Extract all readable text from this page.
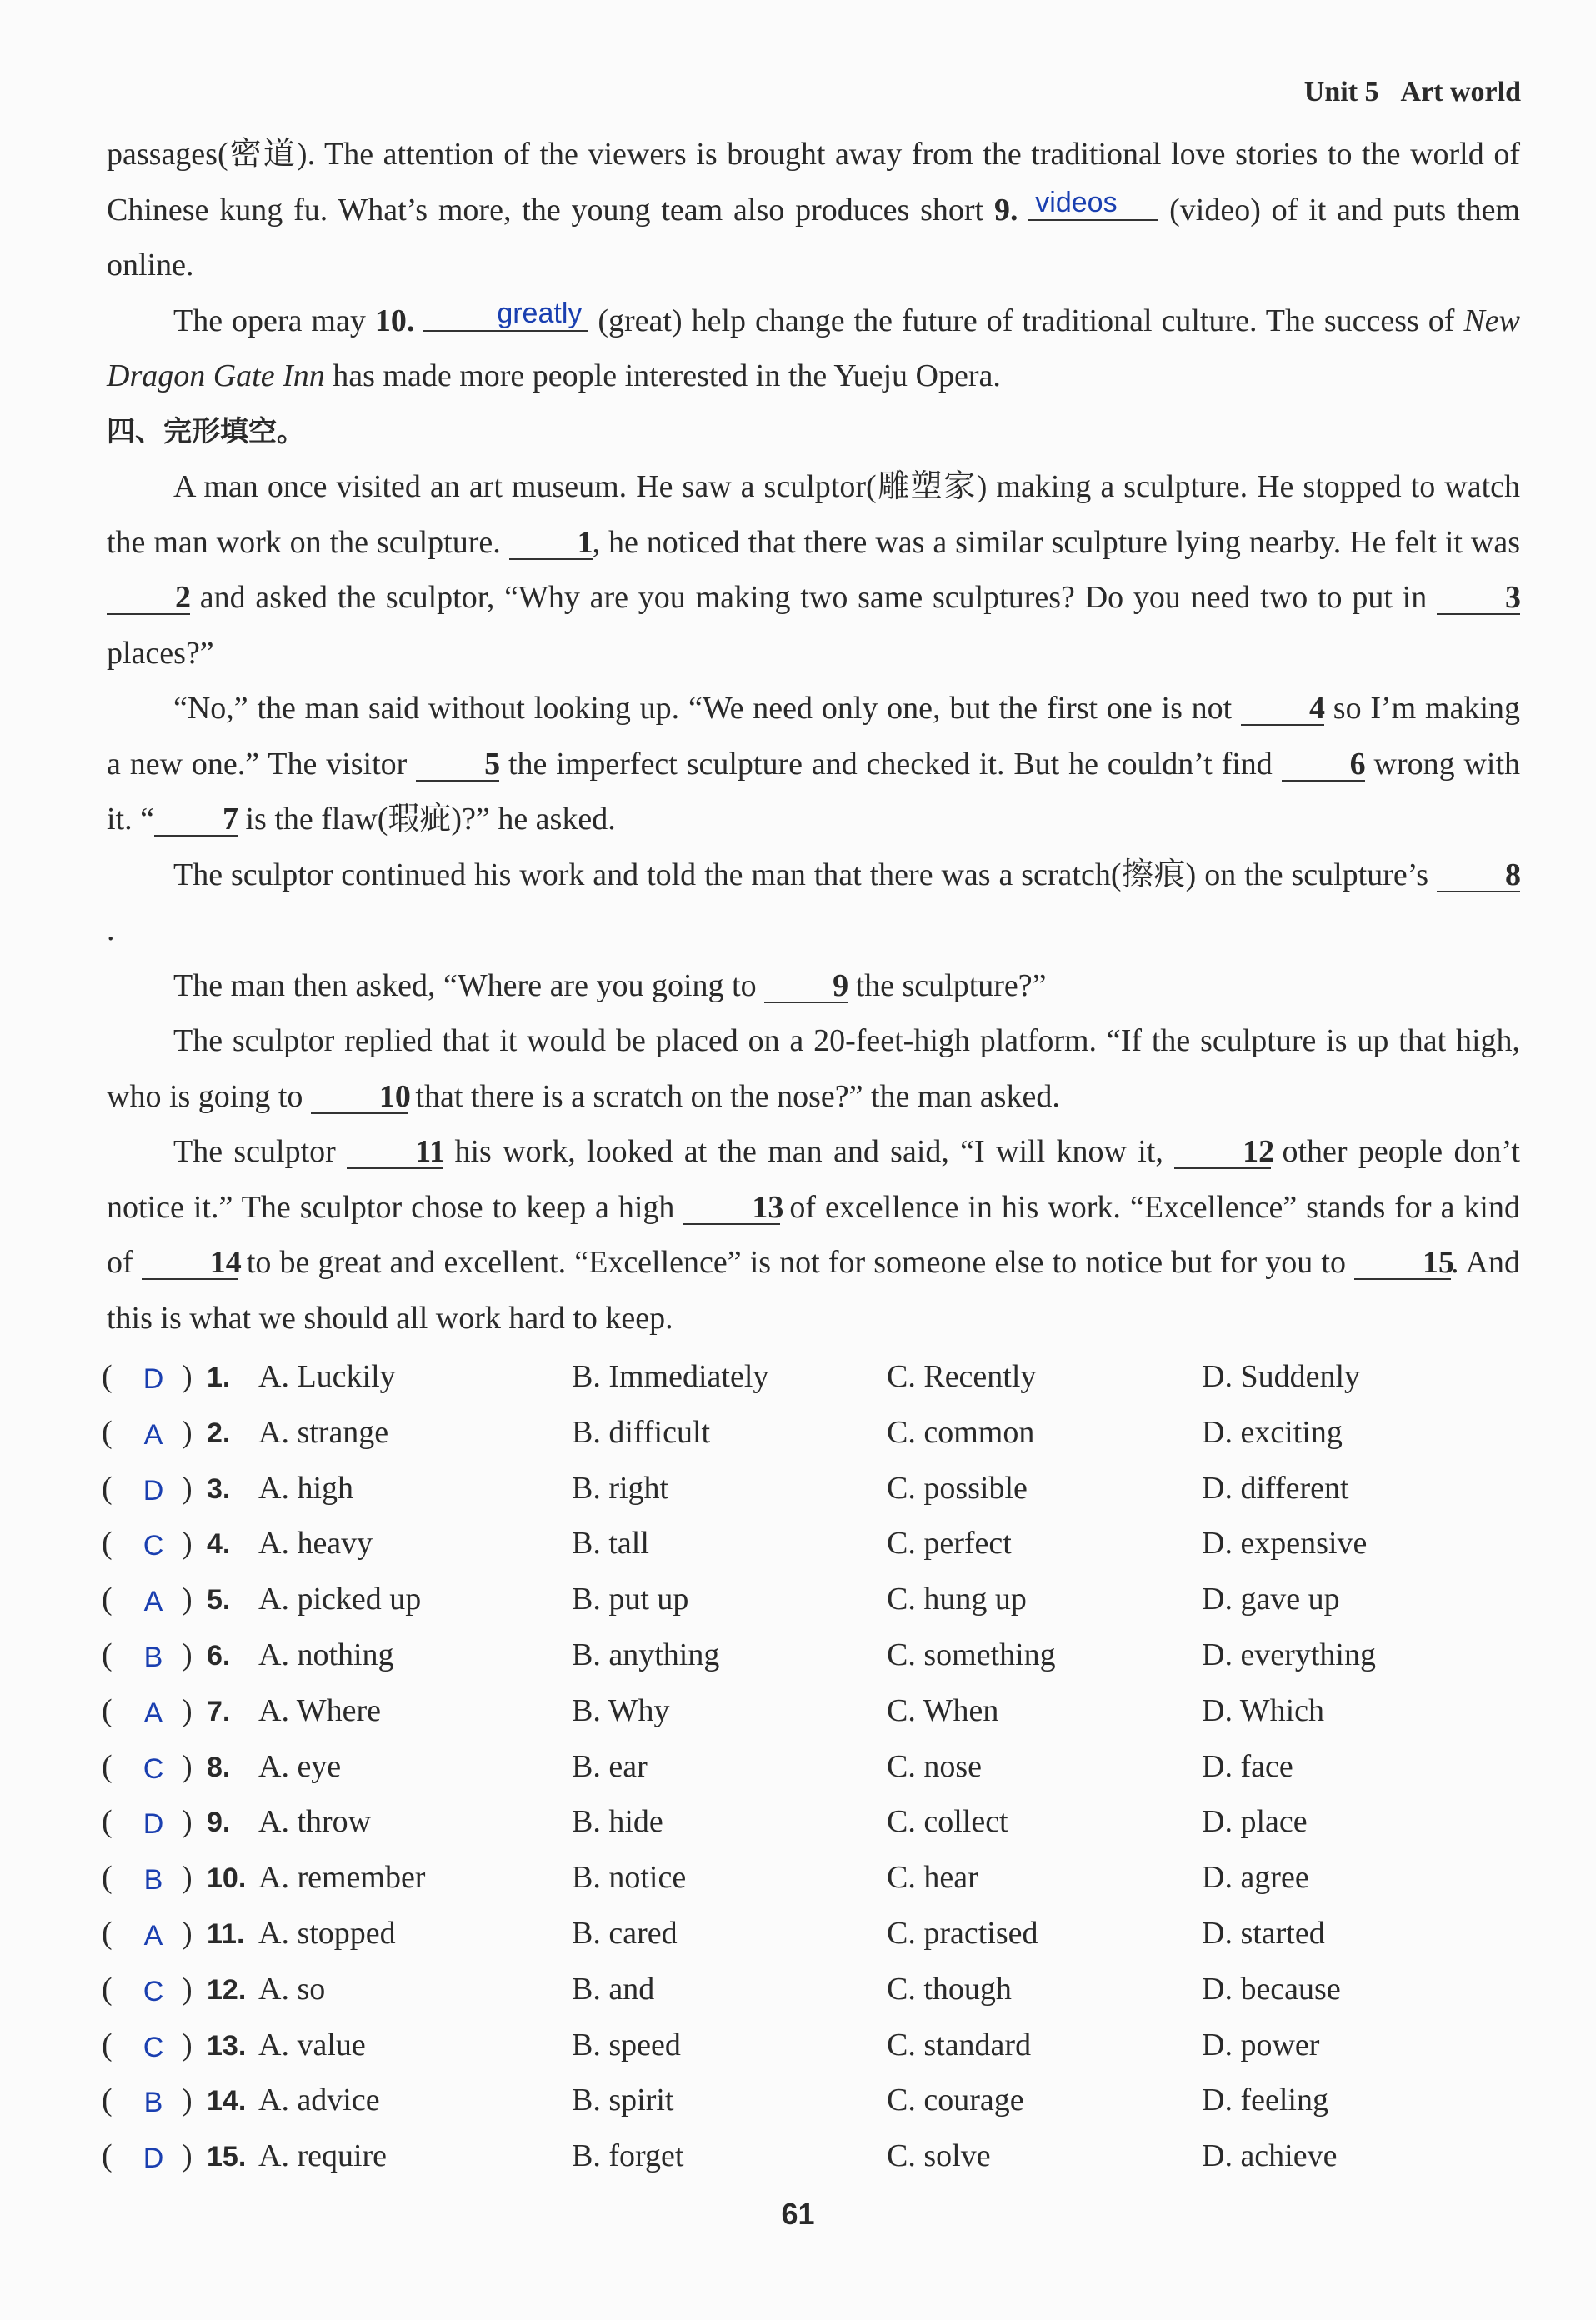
Unit 5 Art world

passages(密道). The attention of the viewers is brought away from the traditional love stories to the world of Chinese kung fu. What’s more, the young team also produces short 9. videos (video) of it and puts them online.

The opera may 10.	greatly (great) help change the future of traditional culture. The success of New Dragon Gate Inn has made more people interested in the Yueju Opera.

四、完形填空。

A man once visited an art museum. He saw a sculptor(雕塑家) making a sculpture. He stopped to watch the man work on the sculpture. 1, he noticed that there was a similar sculpture lying nearby. He felt it was 2 and asked the sculptor, “Why are you making two same sculptures? Do you need two to put in 3 places?”

“No,” the man said without looking up. “We need only one, but the first one is not 4 so I’m making a new one.” The visitor 5 the imperfect sculpture and checked it. But he couldn’t find 6 wrong with it. “ 7 is the flaw(瑕疵)?” he asked.

The sculptor continued his work and told the man that there was a scratch(擦痕) on the sculpture’s 8.

The man then asked, “Where are you going to 9 the sculpture?”

The sculptor replied that it would be placed on a 20-feet-high platform. “If the sculpture is up that high, who is going to 10 that there is a scratch on the nose?” the man asked.

The sculptor 11 his work, looked at the man and said, “I will know it, 12 other people don’t notice it.” The sculptor chose to keep a high 13 of excellence in his work. “Excellence” stands for a kind of 14 to be great and excellent. “Excellence” is not for someone else to notice but for you to 15. And this is what we should all work hard to keep.

( D ) 1. A. Luckily	B. Immediately	C. Recently	D. Suddenly
( A ) 2. A. strange	B. difficult	C. common	D. exciting
( D ) 3. A. high	B. right	C. possible	D. different
( C ) 4. A. heavy	B. tall	C. perfect	D. expensive
( A ) 5. A. picked up	B. put up	C. hung up	D. gave up
( B ) 6. A. nothing	B. anything	C. something	D. everything
( A ) 7. A. Where	B. Why	C. When	D. Which
( C ) 8. A. eye	B. ear	C. nose	D. face
( D ) 9. A. throw	B. hide	C. collect	D. place
( B ) 10. A. remember	B. notice	C. hear	D. agree
( A ) 11. A. stopped	B. cared	C. practised	D. started
( C ) 12. A. so	B. and	C. though	D. because
( C ) 13. A. value	B. speed	C. standard	D. power
( B ) 14. A. advice	B. spirit	C. courage	D. feeling
( D ) 15. A. require	B. forget	C. solve	D. achieve
61
